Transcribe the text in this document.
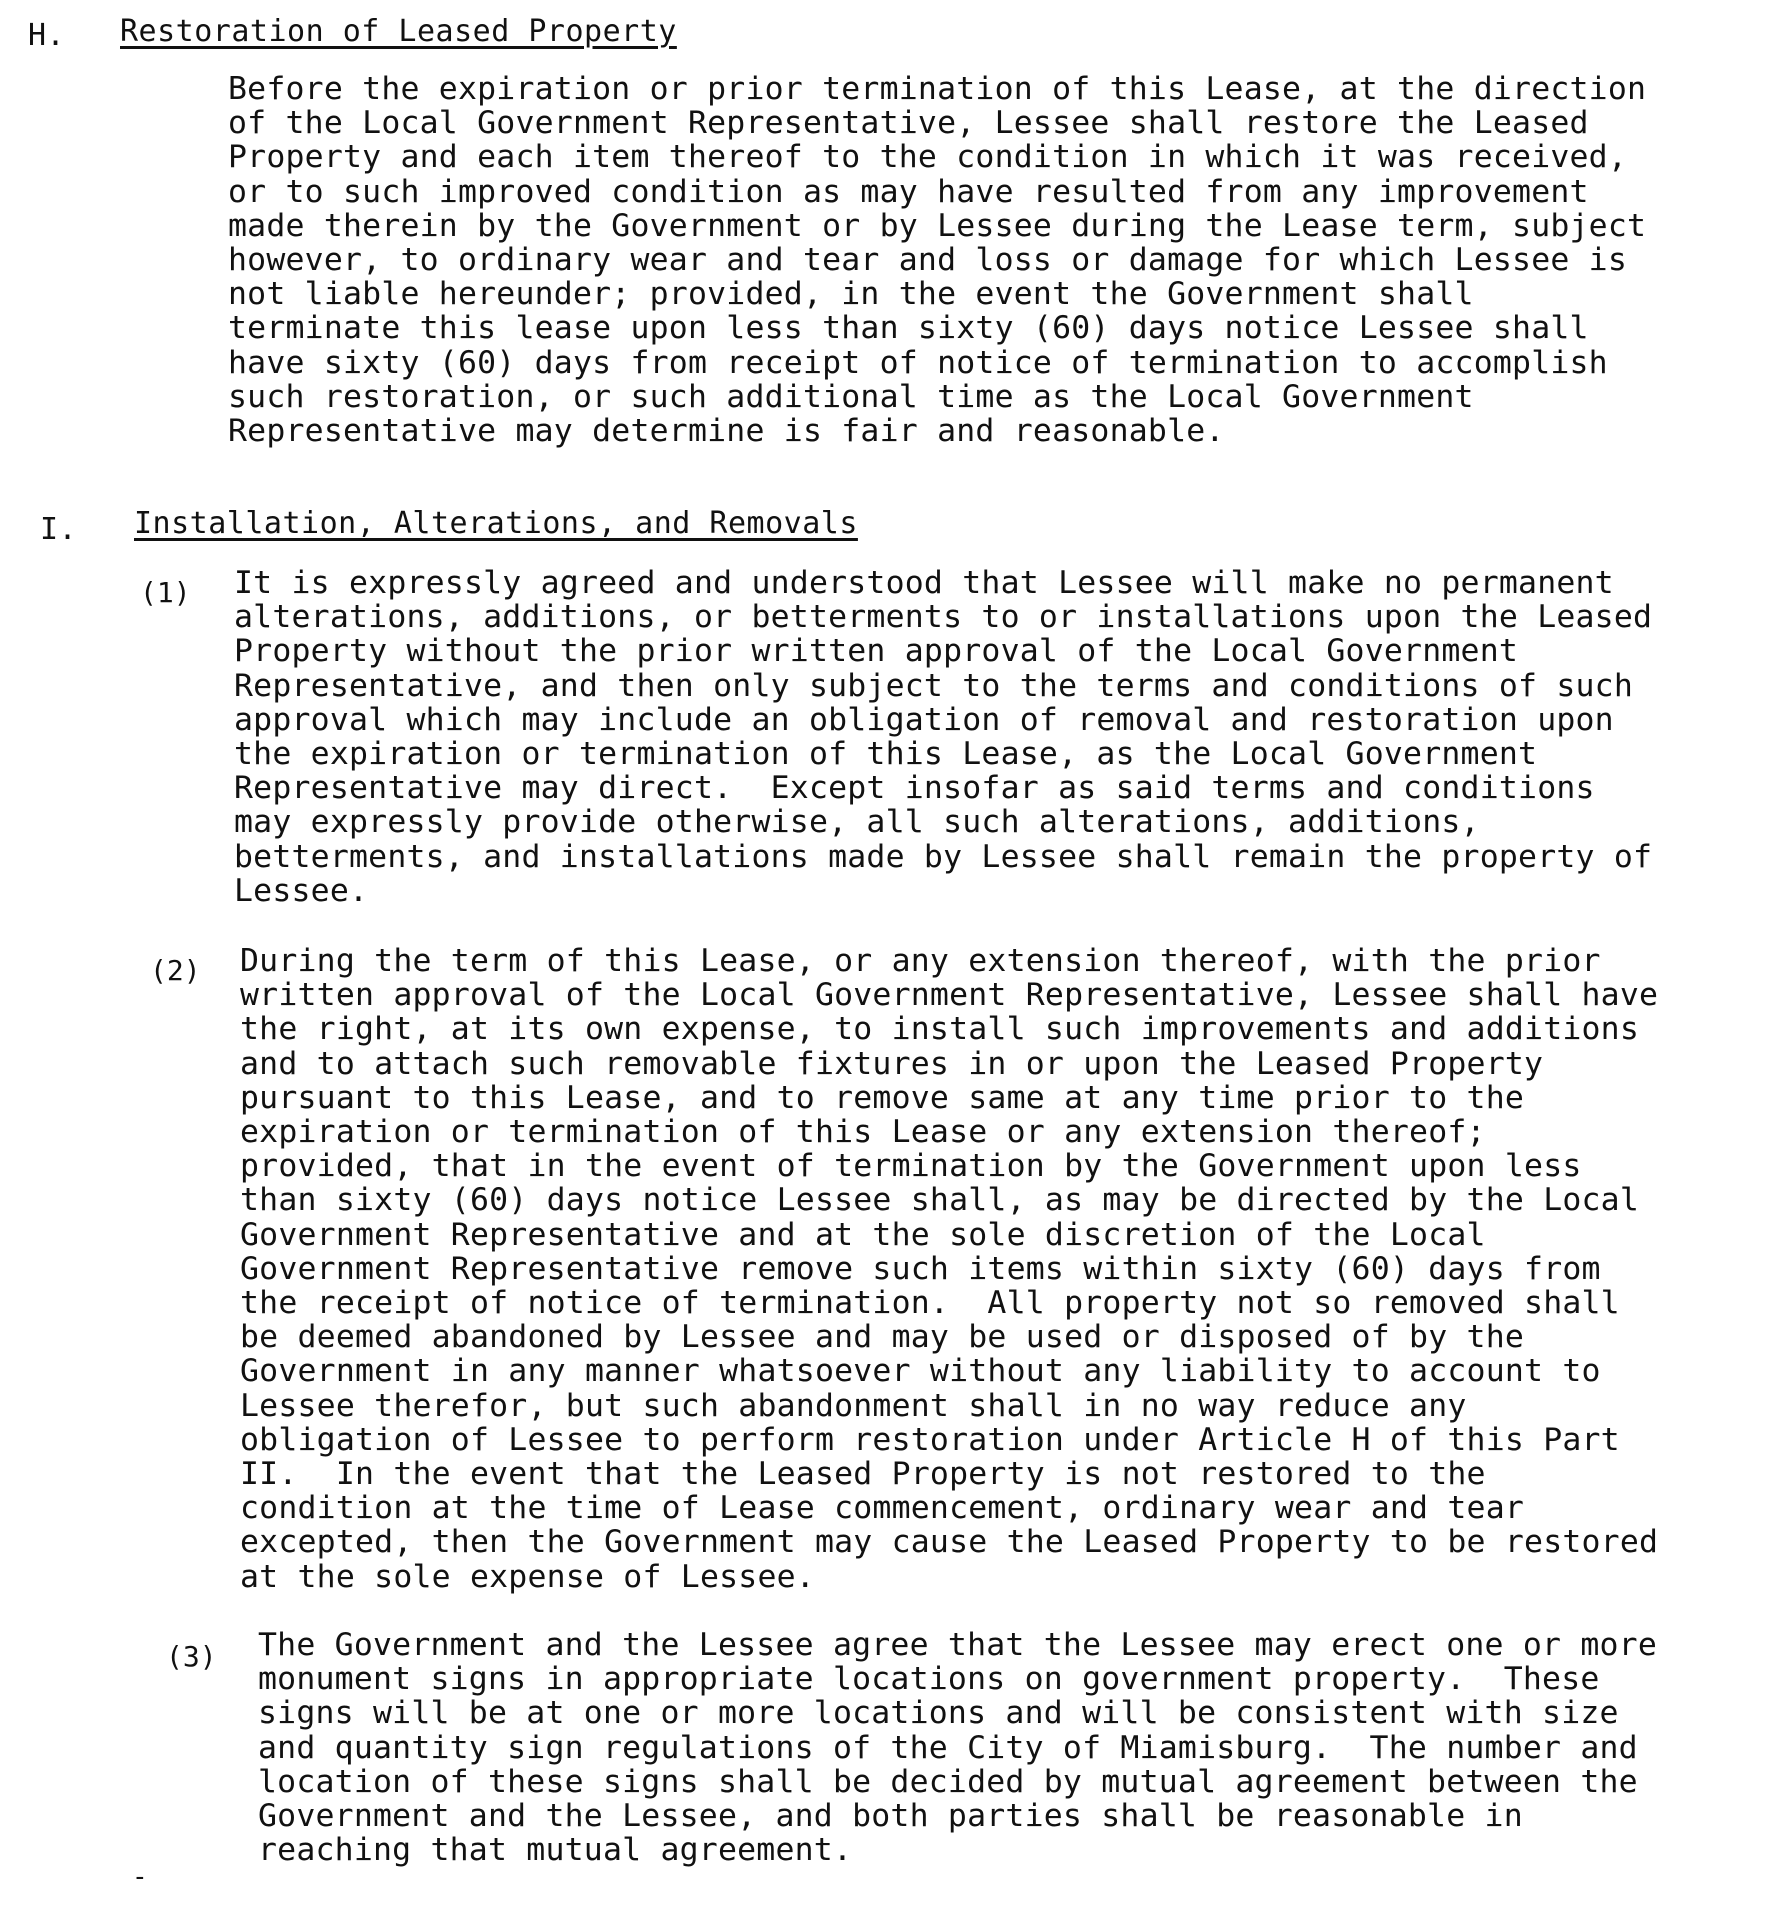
H. Restoration of Leased Property
Before the expiration or prior termination of this Lease, at the direction
of the Local Government Representative, Lessee shall restore the Leased
Property and each item thereof to the condition in which it was received,
or to such improved condition as may have resulted from any improvement
made therein by the Government or by Lessee during the Lease term, subject
however, to ordinary wear and tear and loss or damage for which Lessee is
not liable hereunder; provided, in the event the Government shall
terminate this lease upon less than sixty (60) days notice Lessee shall
have sixty (60) days from receipt of notice of termination to accomplish
such restoration, or such additional time as the Local Government
Representative may determine is fair and reasonable.
I. Installation, Alterations, and Removals
(1) It is expressly agreed and understood that Lessee will make no permanent
alterations, additions, or betterments to or installations upon the Leased
Property without the prior written approval of the Local Government
Representative, and then only subject to the terms and conditions of such
approval which may include an obligation of removal and restoration upon
the expiration or termination of this Lease, as the Local Government
Representative may direct.  Except insofar as said terms and conditions
may expressly provide otherwise, all such alterations, additions,
betterments, and installations made by Lessee shall remain the property of
Lessee.
(2) During the term of this Lease, or any extension thereof, with the prior
written approval of the Local Government Representative, Lessee shall have
the right, at its own expense, to install such improvements and additions
and to attach such removable fixtures in or upon the Leased Property
pursuant to this Lease, and to remove same at any time prior to the
expiration or termination of this Lease or any extension thereof;
provided, that in the event of termination by the Government upon less
than sixty (60) days notice Lessee shall, as may be directed by the Local
Government Representative and at the sole discretion of the Local
Government Representative remove such items within sixty (60) days from
the receipt of notice of termination.  All property not so removed shall
be deemed abandoned by Lessee and may be used or disposed of by the
Government in any manner whatsoever without any liability to account to
Lessee therefor, but such abandonment shall in no way reduce any
obligation of Lessee to perform restoration under Article H of this Part
II.  In the event that the Leased Property is not restored to the
condition at the time of Lease commencement, ordinary wear and tear
excepted, then the Government may cause the Leased Property to be restored
at the sole expense of Lessee.
(3) The Government and the Lessee agree that the Lessee may erect one or more
monument signs in appropriate locations on government property.  These
signs will be at one or more locations and will be consistent with size
and quantity sign regulations of the City of Miamisburg.  The number and
location of these signs shall be decided by mutual agreement between the
Government and the Lessee, and both parties shall be reasonable in
reaching that mutual agreement.
-
